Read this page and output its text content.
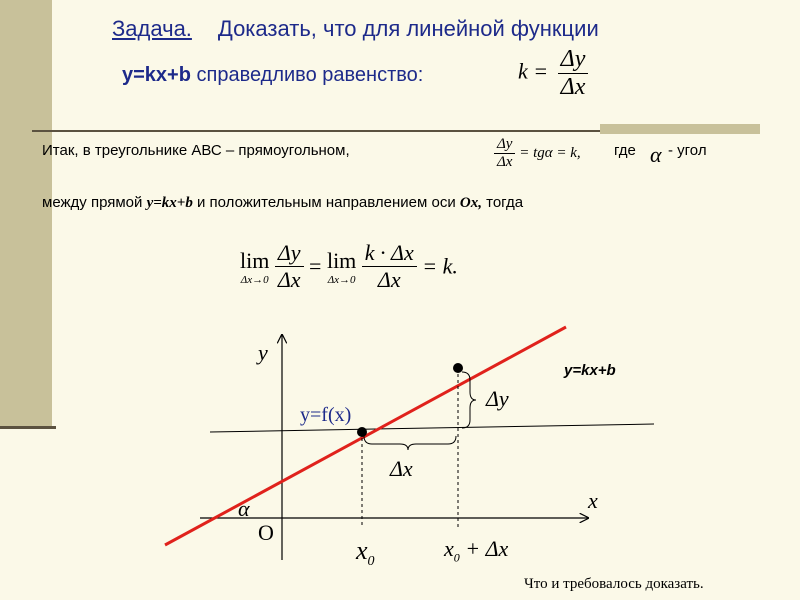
Задача. Доказать, что для линейной функции
y=kx+b справедливо равенство:	$k = \frac{\Delta y}{\Delta x}$
Итак, в треугольнике АВС – прямоугольном,	$\frac{\Delta y}{\Delta x} = tg\alpha = k$, где α - угол
между прямой y=kx+b и положительным направлением оси Ox, тогда
lim
Δx→0
$\frac{\Delta y}{\Delta x} = \lim$
Δx→0
$\frac{k \cdot \Delta x}{\Delta x} = k$.
y
x
O
y=f(x)
y=kx+b
Δy
Δx
α
$x_0$
$x_0 + \Delta x$
Что и требовалось доказать.
